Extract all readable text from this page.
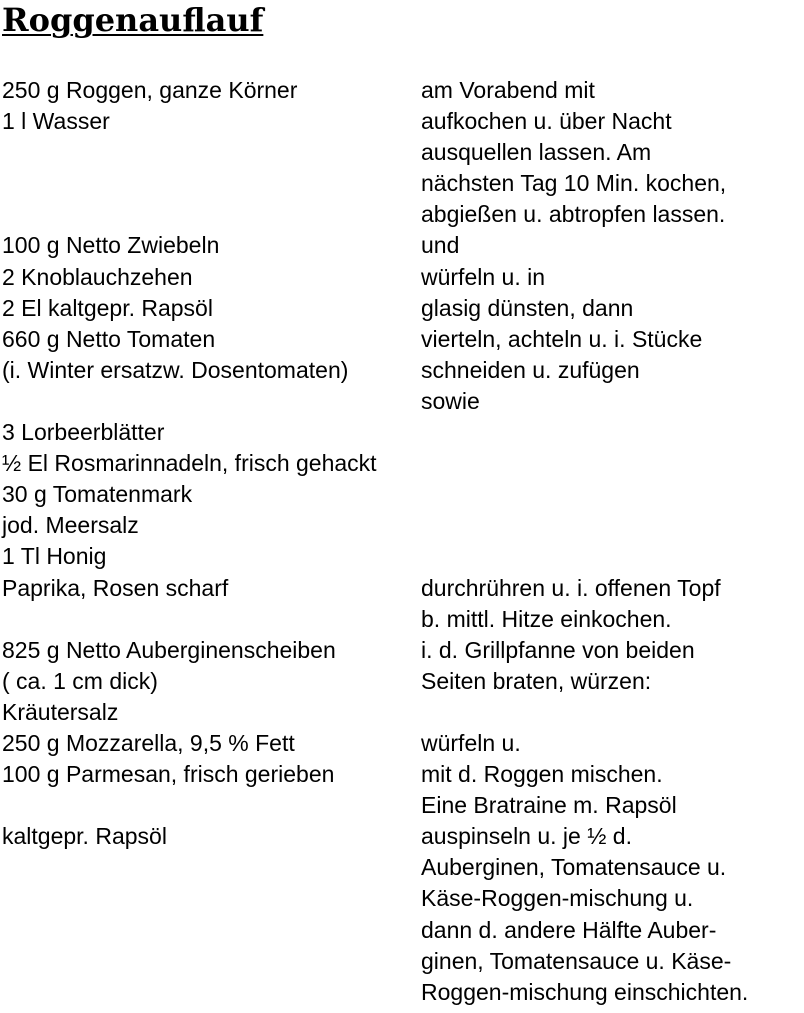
Roggenauflauf
250 g Roggen, ganze Körner	am Vorabend mit
1 l Wasser	aufkochen u. über Nacht
ausquellen lassen. Am
nächsten Tag 10 Min. kochen,
abgießen u. abtropfen lassen.
100 g Netto Zwiebeln	und
2 Knoblauchzehen	würfeln u. in
2 El kaltgepr. Rapsöl	glasig dünsten, dann
660 g Netto Tomaten	vierteln, achteln u. i. Stücke
(i. Winter ersatzw. Dosentomaten)	schneiden u. zufügen
sowie
3 Lorbeerblätter
½ El Rosmarinnadeln, frisch gehackt
30 g Tomatenmark
jod. Meersalz
1 Tl Honig
Paprika, Rosen scharf	durchrühren u. i. offenen Topf
b. mittl. Hitze einkochen.
825 g Netto Auberginenscheiben	i. d. Grillpfanne von beiden
( ca. 1 cm dick)	Seiten braten, würzen:
Kräutersalz
250 g Mozzarella, 9,5 % Fett	würfeln u.
100 g Parmesan, frisch gerieben	mit d. Roggen mischen.
Eine Bratraine m. Rapsöl
kaltgepr. Rapsöl	auspinseln u. je ½ d.
Auberginen, Tomatensauce u.
Käse-Roggen-mischung u.
dann d. andere Hälfte Auber-
ginen, Tomatensauce u. Käse-
Roggen-mischung einschichten.
